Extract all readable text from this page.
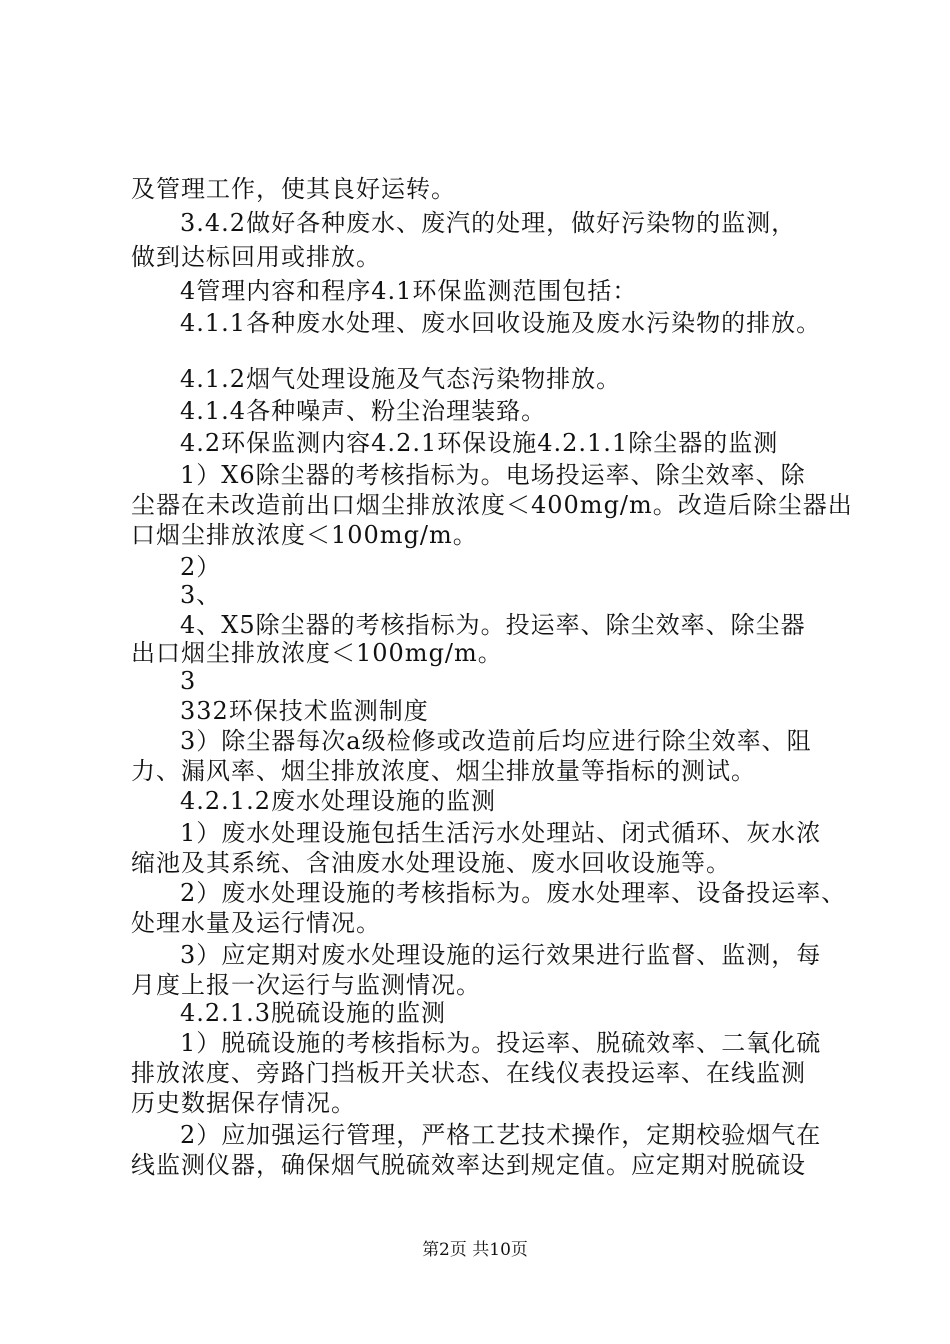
及管理工作，使其良好运转。
3.4.2做好各种废水、废汽的处理，做好污染物的监测，
做到达标回用或排放。
4管理内容和程序4.1环保监测范围包括：
4.1.1各种废水处理、废水回收设施及废水污染物的排放。
4.1.2烟气处理设施及气态污染物排放。
4.1.4各种噪声、粉尘治理装臵。
4.2环保监测内容4.2.1环保设施4.2.1.1除尘器的监测
1）X6除尘器的考核指标为。电场投运率、除尘效率、除
尘器在未改造前出口烟尘排放浓度＜400mg/m。改造后除尘器出
口烟尘排放浓度＜100mg/m。
2）
3、
4、X5除尘器的考核指标为。投运率、除尘效率、除尘器
出口烟尘排放浓度＜100mg/m。
3
332环保技术监测制度
3）除尘器每次a级检修或改造前后均应进行除尘效率、阻
力、漏风率、烟尘排放浓度、烟尘排放量等指标的测试。
4.2.1.2废水处理设施的监测
1）废水处理设施包括生活污水处理站、闭式循环、灰水浓
缩池及其系统、含油废水处理设施、废水回收设施等。
2）废水处理设施的考核指标为。废水处理率、设备投运率、
处理水量及运行情况。
3）应定期对废水处理设施的运行效果进行监督、监测，每
月度上报一次运行与监测情况。
4.2.1.3脱硫设施的监测
1）脱硫设施的考核指标为。投运率、脱硫效率、二氧化硫
排放浓度、旁路门挡板开关状态、在线仪表投运率、在线监测
历史数据保存情况。
2）应加强运行管理，严格工艺技术操作，定期校验烟气在
线监测仪器，确保烟气脱硫效率达到规定值。应定期对脱硫设
第2页 共10页
